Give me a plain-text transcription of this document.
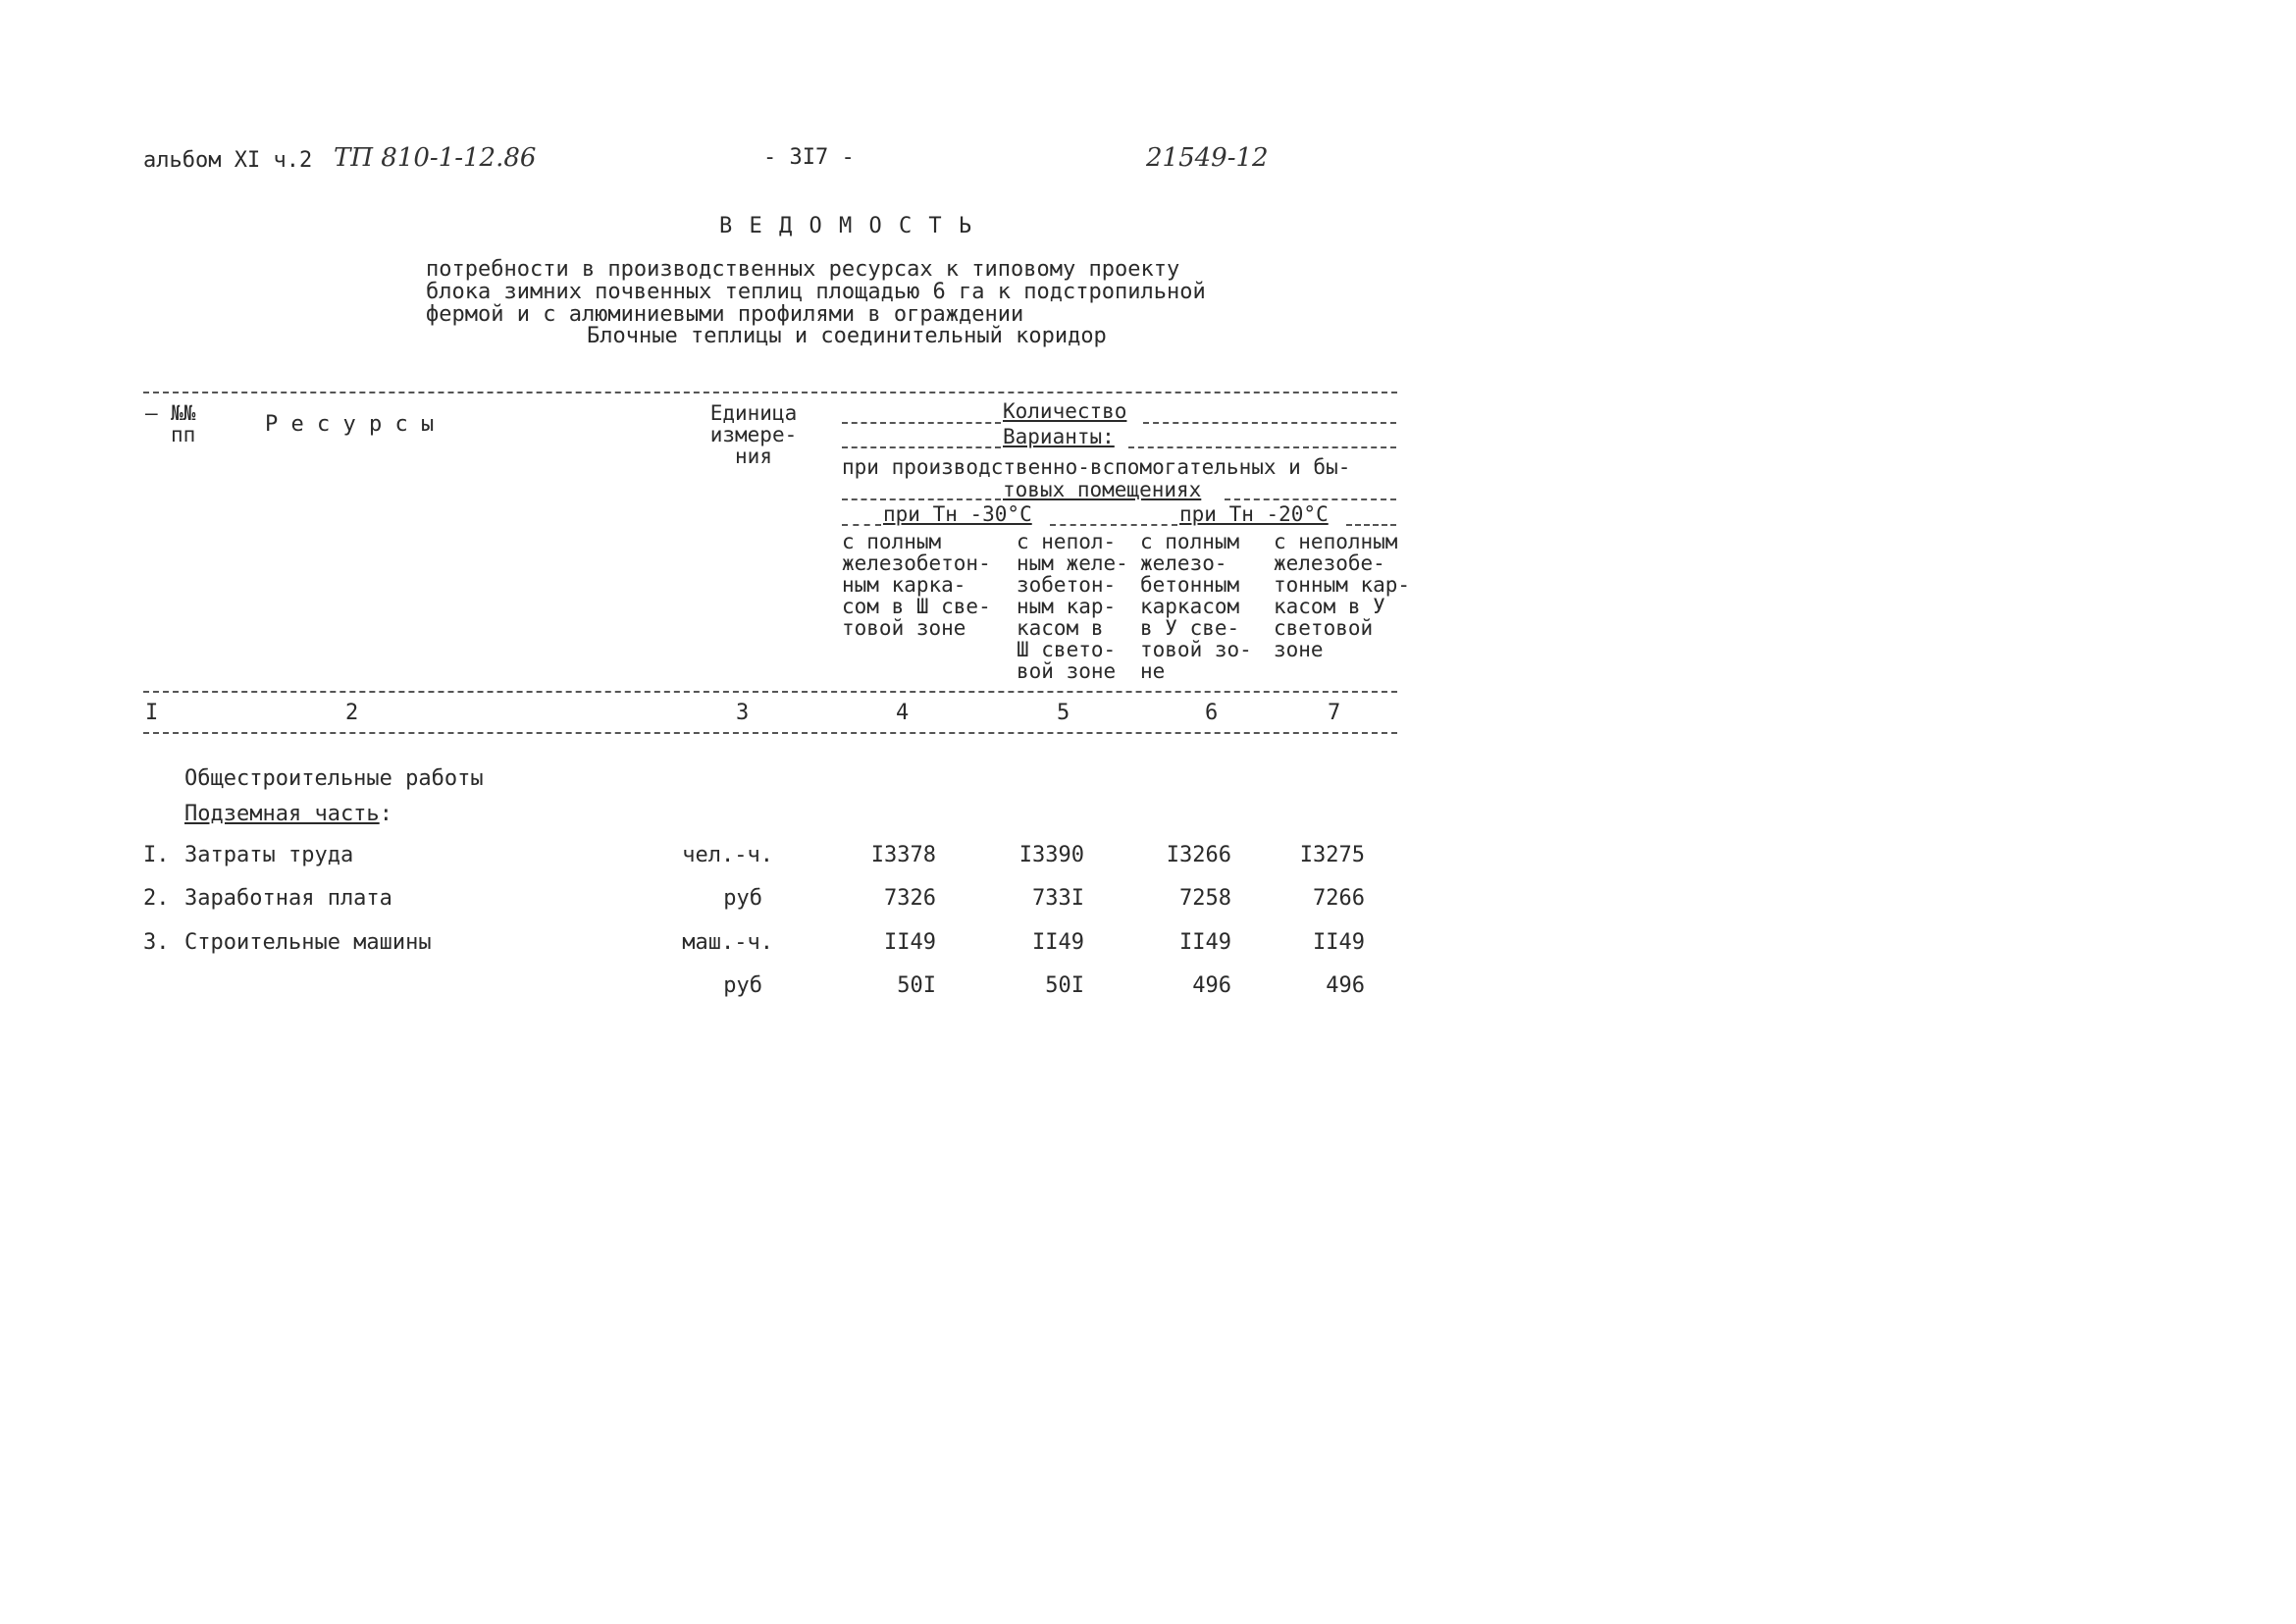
альбом XI ч.2 ТП 810-1-12.86	- 3I7 -	21549-12
В Е Д О М О С Т Ь
потребности в производственных ресурсах к типовому проекту
блока зимних почвенных теплиц площадью 6 га к подстропильной
фермой и с алюминиевыми профилями в ограждении
Блочные теплицы и соединительный коридор
– №№
пп	Р е с у р с ы	Единица
измере-
ния
Количество
Варианты:
при производственно-вспомогательных и бы-
товых помещениях
при Тн -30°С	при Тн -20°С
с полным
железобетон-
ным карка-
сом в Ш све-
товой зоне
с непол-
ным желе-
зобетон-
ным кар-
касом в
Ш свето-
вой зоне
с полным
железо-
бетонным
каркасом
в У све-
товой зо-
не
с неполным
железобе-
тонным кар-
касом в У
световой
зоне
I	2	3	4	5	6	7
Общестроительные работы
Подземная часть:
I. Затраты труда	чел.-ч.	I3378	I3390	I3266	I3275
2. Заработная плата	руб	7326	733I	7258	7266
3. Строительные машины	маш.-ч.	II49	II49	II49	II49
руб	50I	50I	496	496
